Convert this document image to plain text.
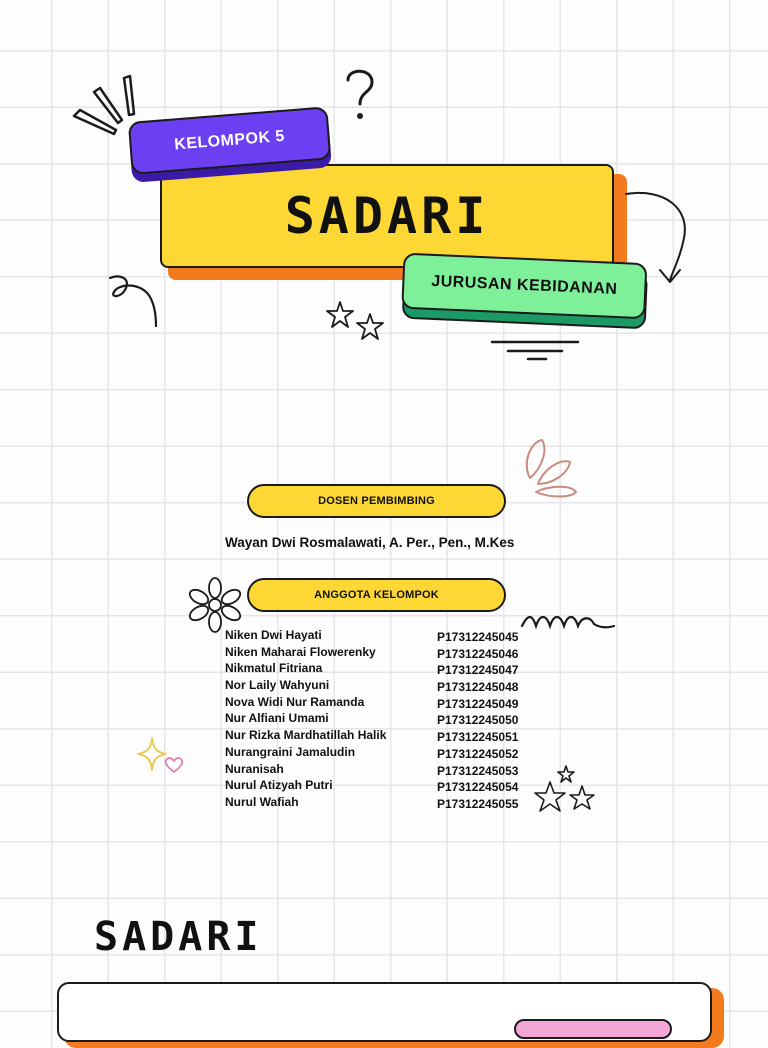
SADARI
KELOMPOK 5
JURUSAN KEBIDANAN
DOSEN PEMBIMBING
Wayan Dwi Rosmalawati, A. Per., Pen., M.Kes
ANGGOTA KELOMPOK
Niken Dwi Hayati	P17312245045
Niken Maharai Flowerenky	P17312245046
Nikmatul Fitriana	P17312245047
Nor Laily Wahyuni	P17312245048
Nova Widi Nur Ramanda	P17312245049
Nur Alfiani Umami	P17312245050
Nur Rizka Mardhatillah Halik	P17312245051
Nurangraini Jamaludin	P17312245052
Nuranisah	P17312245053
Nurul Atizyah Putri	P17312245054
Nurul Wafiah	P17312245055
SADARI
